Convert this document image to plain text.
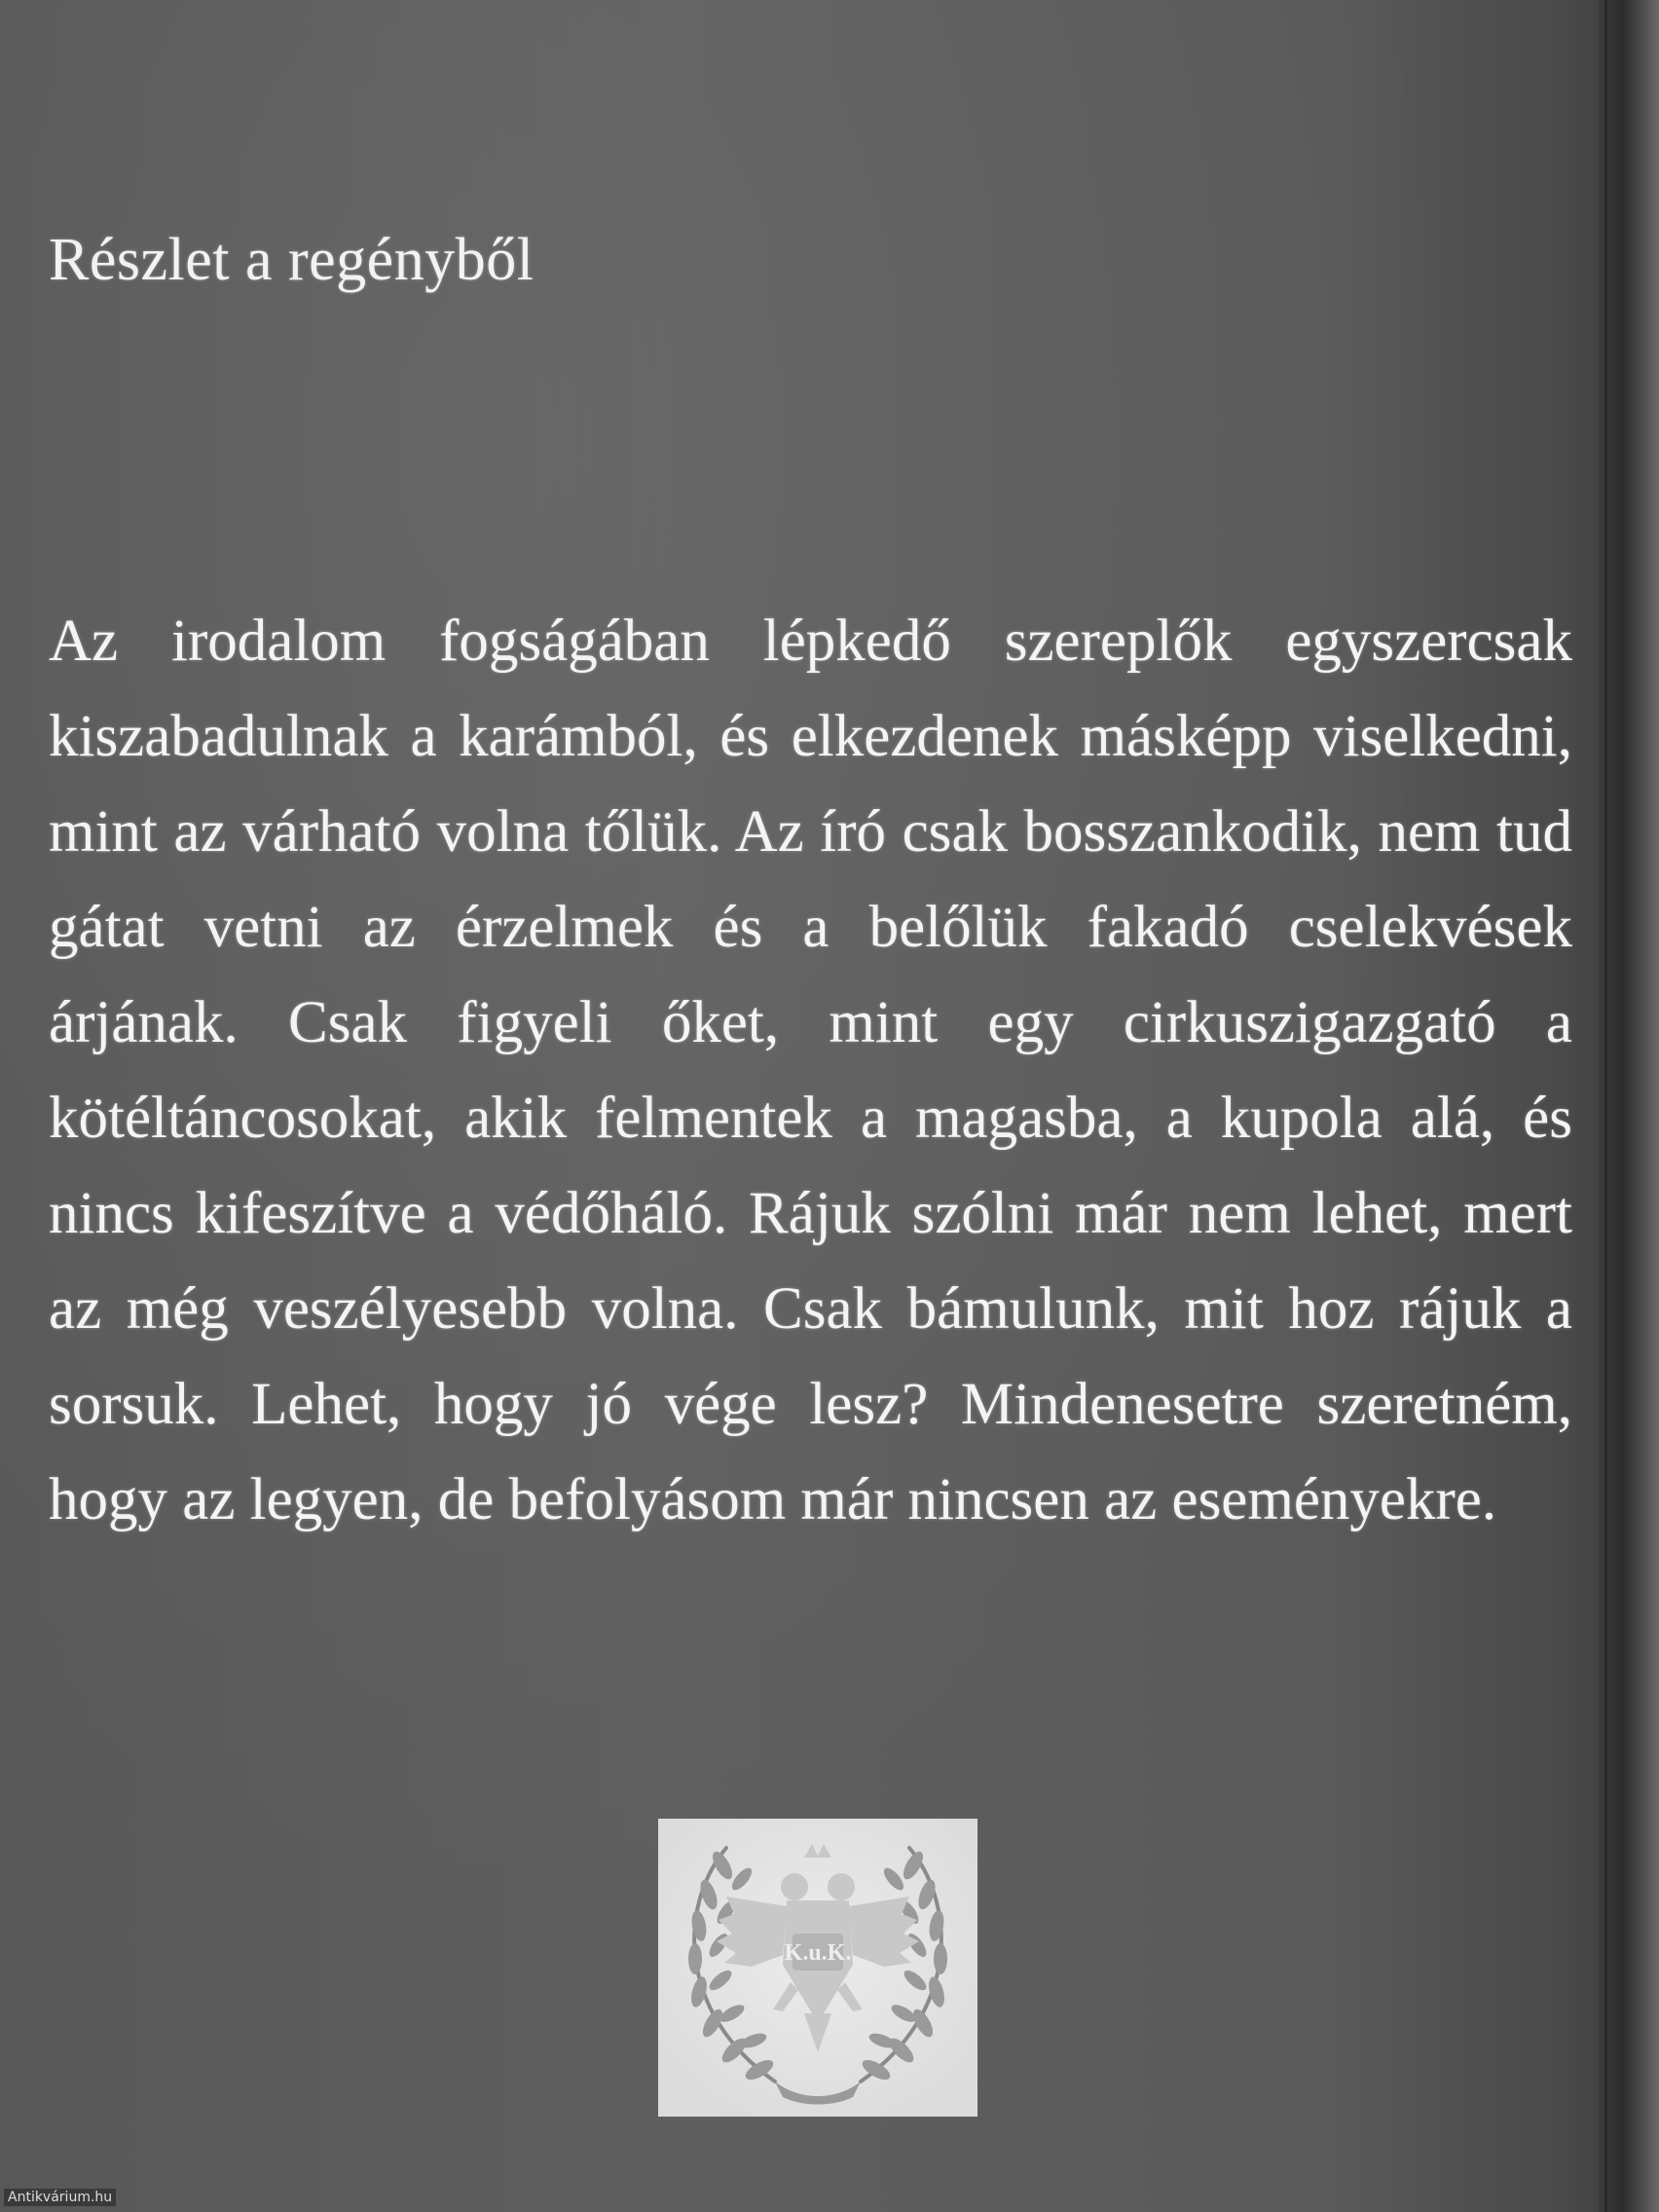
Részlet a regényből

Az irodalom fogságában lépkedő szereplők egyszercsak kiszabadulnak a karámból, és elkezdenek másképp viselkedni, mint az várható volna tőlük. Az író csak bosszankodik, nem tud gátat vetni az érzelmek és a belőlük fakadó cselekvések árjának. Csak figyeli őket, mint egy cirkuszigazgató a kötéltáncosokat, akik felmentek a magasba, a kupola alá, és nincs kifeszítve a védőháló. Rájuk szólni már nem lehet, mert az még veszélyesebb volna. Csak bámulunk, mit hoz rájuk a sorsuk. Lehet, hogy jó vége lesz? Mindenesetre szeretném, hogy az legyen, de befolyásom már nincsen az eseményekre.

K.u.K.
Antikvárium.hu
